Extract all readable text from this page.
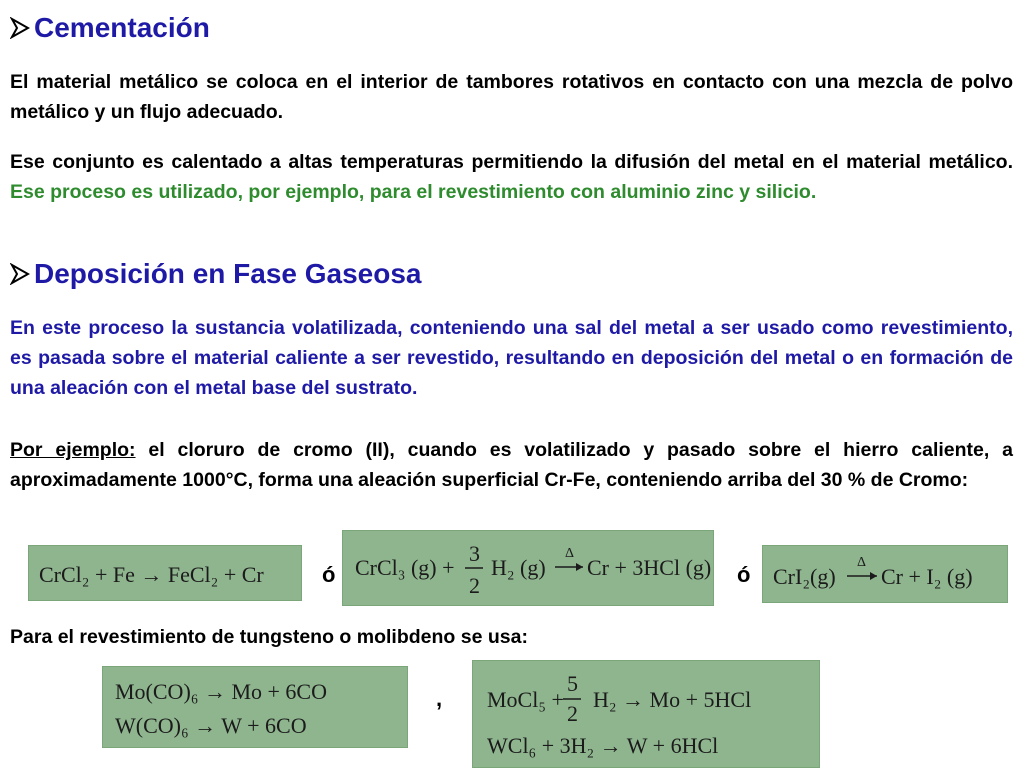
Cementación

El material metálico se coloca en el interior de tambores rotativos en contacto con una mezcla de polvo metálico y un flujo adecuado.

Ese conjunto es calentado a altas temperaturas permitiendo la difusión del metal en el material metálico. Ese proceso es utilizado, por ejemplo, para el revestimiento con aluminio zinc y silicio.

Deposición en Fase Gaseosa

En este proceso la sustancia volatilizada, conteniendo una sal del metal a ser usado como revestimiento, es pasada sobre el material caliente a ser revestido, resultando en deposición del metal o en formación de una aleación con el metal base del sustrato.

Por ejemplo: el cloruro de cromo (II), cuando es volatilizado y pasado sobre el hierro caliente, a aproximadamente 1000°C, forma una aleación superficial Cr-Fe, conteniendo arriba del 30 % de Cromo:

CrCl₂ + Fe → FeCl₂ + Cr	ó CrCl₃ (g) +
3
2
H₂ (g)
Δ
Cr + 3HCl (g) ó CrI₂(g)
Δ
Cr + I₂ (g)

Para el revestimiento de tungsteno o molibdeno se usa:

Mo(CO)₆ → Mo + 6CO
W(CO)₆ → W + 6CO
, MoCl₅ +
5
2
H₂ → Mo + 5HCl
WCl₆ + 3H₂ → W + 6HCl
